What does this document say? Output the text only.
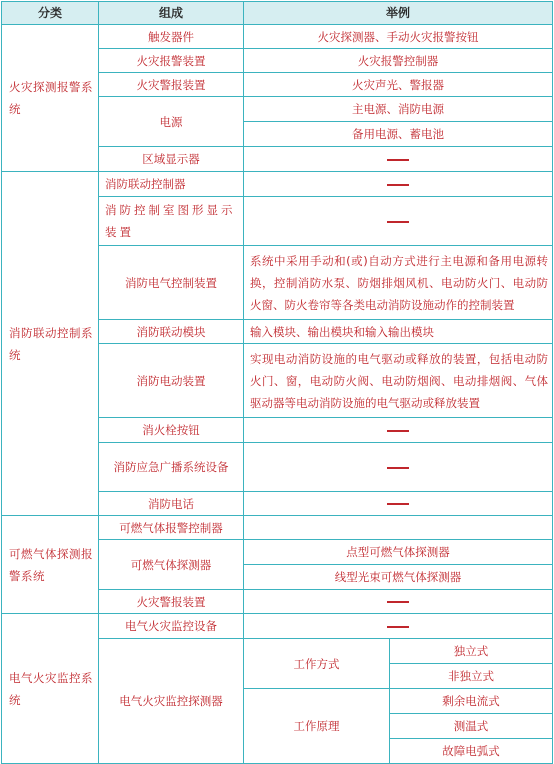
分类	组成	举例	
火灾探测报警系统	触发器件	火灾探测器、手动火灾报警按钮	
	火灾报警装置	火灾报警控制器	
	火灾警报装置	火灾声光、警报器	
	电源	主电源、消防电源	
		备用电源、蓄电池	
	区域显示器		
消防联动控制系统	消防联动控制器		
	消防控制室图形显示装置		
	消防电气控制装置	系统中采用手动和(或)自动方式进行主电源和备用电源转换，控制消防水泵、防烟排烟风机、电动防火门、电动防火窗、防火卷帘等各类电动消防设施动作的控制装置	
	消防联动模块	输入模块、输出模块和输入输出模块	
	消防电动装置	实现电动消防设施的电气驱动或释放的装置，包括电动防火门、窗，电动防火阀、电动防烟阀、电动排烟阀、气体驱动器等电动消防设施的电气驱动或释放装置	
	消火栓按钮		
	消防应急广播系统设备		
	消防电话		
可燃气体探测报警系统	可燃气体报警控制器		
	可燃气体探测器	点型可燃气体探测器	
		线型光束可燃气体探测器	
	火灾警报装置		
电气火灾监控系统	电气火灾监控设备		
	电气火灾监控探测器	工作方式	独立式
			非独立式
		工作原理	剩余电流式
			测温式
			故障电弧式
